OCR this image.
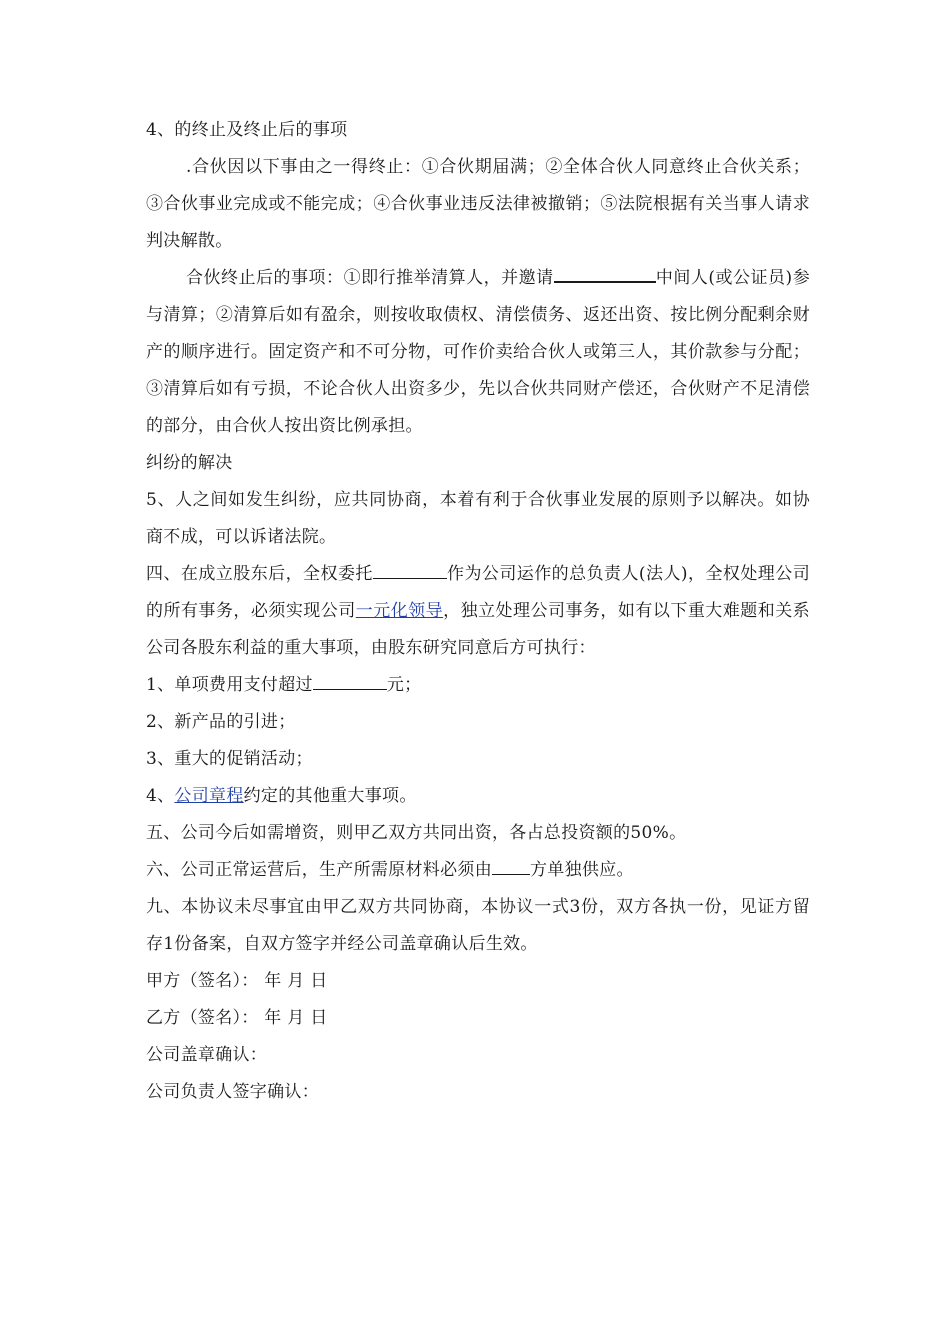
4、的终止及终止后的事项

.合伙因以下事由之一得终止：①合伙期届满；②全体合伙人同意终止合伙关系；③合伙事业完成或不能完成；④合伙事业违反法律被撤销；⑤法院根据有关当事人请求判决解散。

合伙终止后的事项：①即行推举清算人，并邀请	中间人(或公证员)参与清算；②清算后如有盈余，则按收取债权、清偿债务、返还出资、按比例分配剩余财产的顺序进行。固定资产和不可分物，可作价卖给合伙人或第三人，其价款参与分配；③清算后如有亏损，不论合伙人出资多少，先以合伙共同财产偿还，合伙财产不足清偿的部分，由合伙人按出资比例承担。

纠纷的解决

5、人之间如发生纠纷，应共同协商，本着有利于合伙事业发展的原则予以解决。如协商不成，可以诉诸法院。

四、在成立股东后，全权委托	作为公司运作的总负责人(法人)，全权处理公司的所有事务，必须实现公司一元化领导，独立处理公司事务，如有以下重大难题和关系公司各股东利益的重大事项，由股东研究同意后方可执行：

1、单项费用支付超过	元；

2、新产品的引进；

3、重大的促销活动；

4、公司章程约定的其他重大事项。

五、公司今后如需增资，则甲乙双方共同出资，各占总投资额的50%。

六、公司正常运营后，生产所需原材料必须由 方单独供应。

九、本协议未尽事宜由甲乙双方共同协商，本协议一式3份，双方各执一份，见证方留存1份备案，自双方签字并经公司盖章确认后生效。

甲方（签名）： 年 月 日

乙方（签名）： 年 月 日

公司盖章确认：

公司负责人签字确认：
